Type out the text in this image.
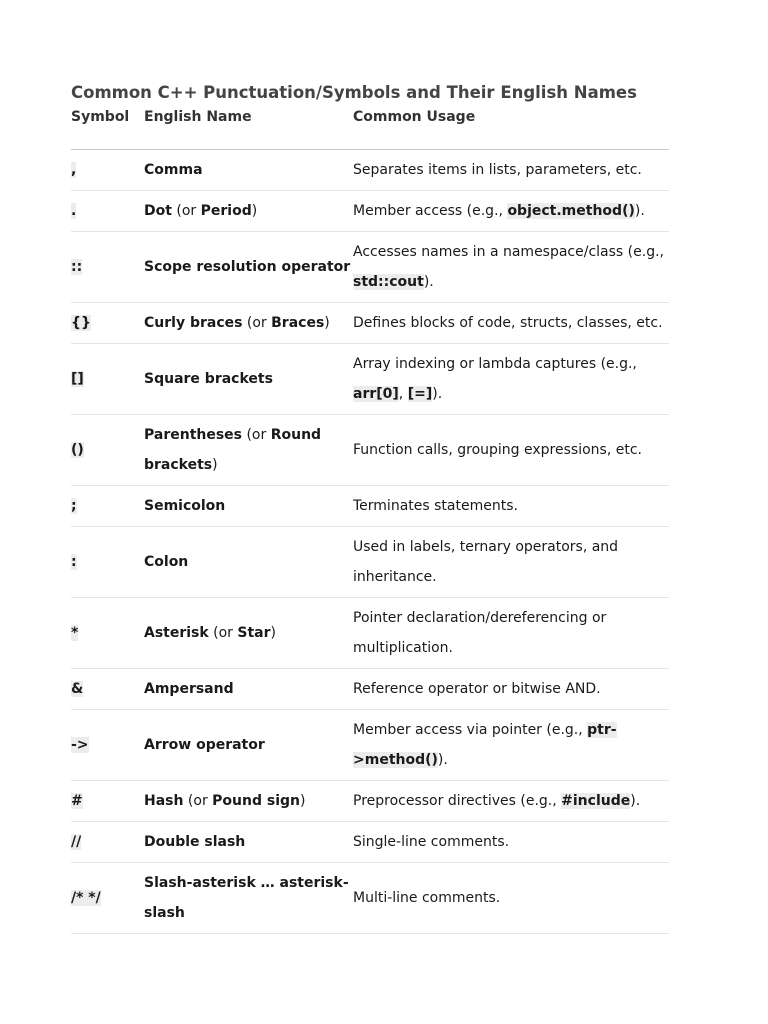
Common C++ Punctuation/Symbols and Their English Names
Symbol	English Name	Common Usage
,	Comma	Separates items in lists, parameters, etc.
.	Dot (or Period)	Member access (e.g., object.method()).
::	Scope resolution operator	Accesses names in a namespace/class (e.g., std::cout).
{}	Curly braces (or Braces)	Defines blocks of code, structs, classes, etc.
[]	Square brackets	Array indexing or lambda captures (e.g., arr[0], [=]).
()	Parentheses (or Round brackets)	Function calls, grouping expressions, etc.
;	Semicolon	Terminates statements.
:	Colon	Used in labels, ternary operators, and inheritance.
*	Asterisk (or Star)	Pointer declaration/dereferencing or multiplication.
&	Ampersand	Reference operator or bitwise AND.
->	Arrow operator	Member access via pointer (e.g., ptr->method()).
#	Hash (or Pound sign)	Preprocessor directives (e.g., #include).
//	Double slash	Single-line comments.
/* */	Slash-asterisk … asterisk-slash	Multi-line comments.
